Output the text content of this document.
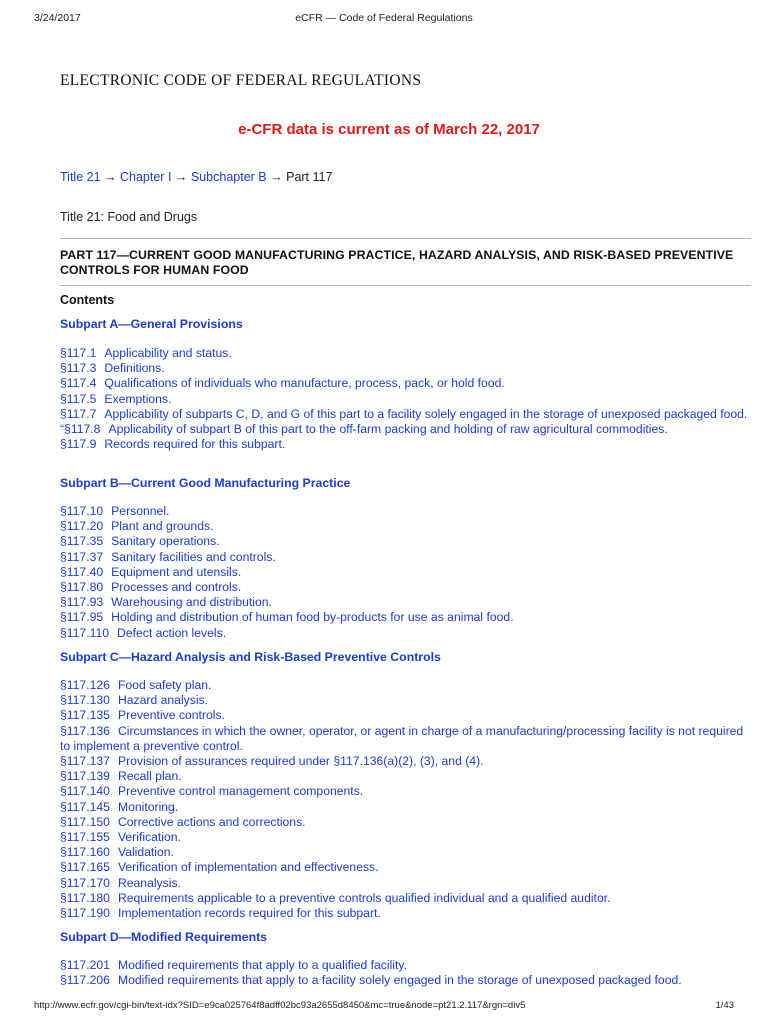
3/24/2017	eCFR — Code of Federal Regulations
ELECTRONIC CODE OF FEDERAL REGULATIONS
e-CFR data is current as of March 22, 2017
Title 21 → Chapter I → Subchapter B → Part 117
Title 21: Food and Drugs
PART 117—CURRENT GOOD MANUFACTURING PRACTICE, HAZARD ANALYSIS, AND RISK-BASED PREVENTIVE CONTROLS FOR HUMAN FOOD
Contents
Subpart A—General Provisions
§117.1 Applicability and status.
§117.3 Definitions.
§117.4 Qualifications of individuals who manufacture, process, pack, or hold food.
§117.5 Exemptions.
§117.7 Applicability of subparts C, D, and G of this part to a facility solely engaged in the storage of unexposed packaged food.
“§117.8 Applicability of subpart B of this part to the off-farm packing and holding of raw agricultural commodities.
§117.9 Records required for this subpart.
Subpart B—Current Good Manufacturing Practice
§117.10 Personnel.
§117.20 Plant and grounds.
§117.35 Sanitary operations.
§117.37 Sanitary facilities and controls.
§117.40 Equipment and utensils.
§117.80 Processes and controls.
§117.93 Warehousing and distribution.
§117.95 Holding and distribution of human food by-products for use as animal food.
§117.110 Defect action levels.
Subpart C—Hazard Analysis and Risk-Based Preventive Controls
§117.126 Food safety plan.
§117.130 Hazard analysis.
§117.135 Preventive controls.
§117.136 Circumstances in which the owner, operator, or agent in charge of a manufacturing/processing facility is not required to implement a preventive control.
§117.137 Provision of assurances required under §117.136(a)(2), (3), and (4).
§117.139 Recall plan.
§117.140 Preventive control management components.
§117.145 Monitoring.
§117.150 Corrective actions and corrections.
§117.155 Verification.
§117.160 Validation.
§117.165 Verification of implementation and effectiveness.
§117.170 Reanalysis.
§117.180 Requirements applicable to a preventive controls qualified individual and a qualified auditor.
§117.190 Implementation records required for this subpart.
Subpart D—Modified Requirements
§117.201 Modified requirements that apply to a qualified facility.
§117.206 Modified requirements that apply to a facility solely engaged in the storage of unexposed packaged food.
http://www.ecfr.gov/cgi-bin/text-idx?SID=e9ca025764f8adff02bc93a2655d8450&mc=true&node=pt21.2.117&rgn=div5	1/43
